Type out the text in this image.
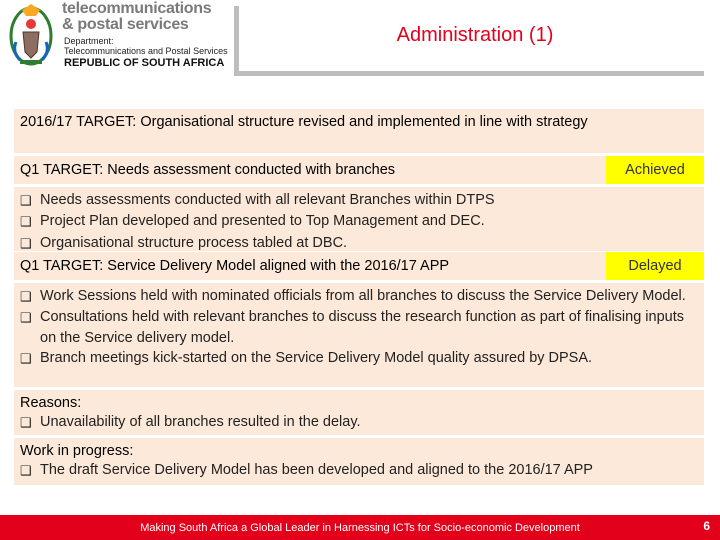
telecommunications
& postal services
Department:
Telecommunications and Postal Services
REPUBLIC OF SOUTH AFRICA
Administration (1)
2016/17 TARGET: Organisational structure revised and implemented in line with strategy
Q1 TARGET: Needs assessment conducted with branches	Achieved
❑ Needs assessments conducted with all relevant Branches within DTPS
❑ Project Plan developed and presented to Top Management and DEC.
❑ Organisational structure process tabled at DBC.
Q1 TARGET: Service Delivery Model aligned with the 2016/17 APP	Delayed
❑ Work Sessions held with nominated officials from all branches to discuss the Service Delivery Model.
❑ Consultations held with relevant branches to discuss the research function as part of finalising inputs on the Service delivery model.
❑ Branch meetings kick-started on the Service Delivery Model quality assured by DPSA.
Reasons:
❑ Unavailability of all branches resulted in the delay.
Work in progress:
❑ The draft Service Delivery Model has been developed and aligned to the 2016/17 APP
Making South Africa a Global Leader in Harnessing ICTs for Socio-economic Development	6
